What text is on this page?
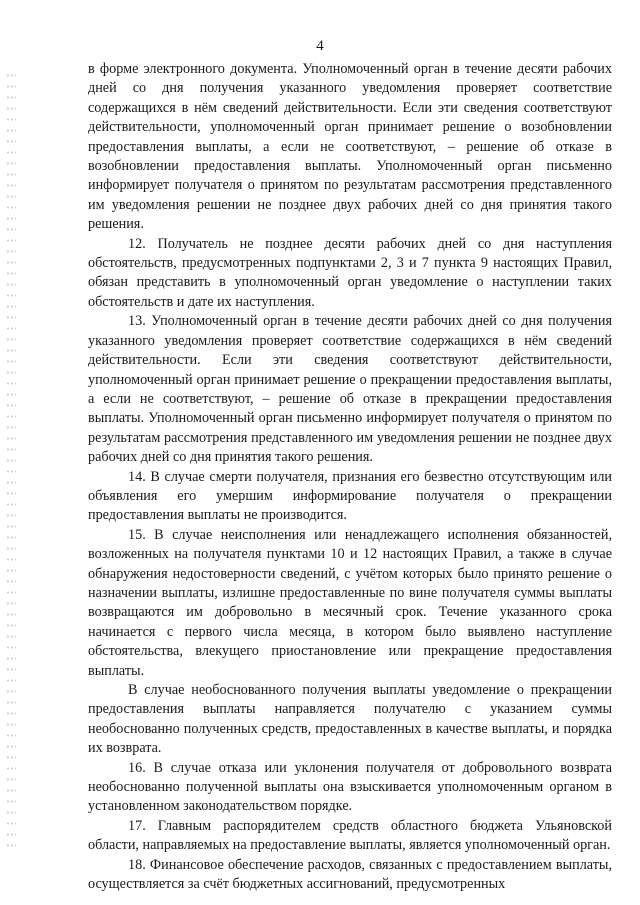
4

в форме электронного документа. Уполномоченный орган в течение десяти рабочих дней со дня получения указанного уведомления проверяет соответствие содержащихся в нём сведений действительности. Если эти сведения соответствуют действительности, уполномоченный орган принимает решение о возобновлении предоставления выплаты, а если не соответствуют, – решение об отказе в возобновлении предоставления выплаты. Уполномоченный орган письменно информирует получателя о принятом по результатам рассмотрения представленного им уведомления решении не позднее двух рабочих дней со дня принятия такого решения.

12. Получатель не позднее десяти рабочих дней со дня наступления обстоятельств, предусмотренных подпунктами 2, 3 и 7 пункта 9 настоящих Правил, обязан представить в уполномоченный орган уведомление о наступлении таких обстоятельств и дате их наступления.

13. Уполномоченный орган в течение десяти рабочих дней со дня получения указанного уведомления проверяет соответствие содержащихся в нём сведений действительности. Если эти сведения соответствуют действительности, уполномоченный орган принимает решение о прекращении предоставления выплаты, а если не соответствуют, – решение об отказе в прекращении предоставления выплаты. Уполномоченный орган письменно информирует получателя о принятом по результатам рассмотрения представленного им уведомления решении не позднее двух рабочих дней со дня принятия такого решения.

14. В случае смерти получателя, признания его безвестно отсутствующим или объявления его умершим информирование получателя о прекращении предоставления выплаты не производится.

15. В случае неисполнения или ненадлежащего исполнения обязанностей, возложенных на получателя пунктами 10 и 12 настоящих Правил, а также в случае обнаружения недостоверности сведений, с учётом которых было принято решение о назначении выплаты, излишне предоставленные по вине получателя суммы выплаты возвращаются им добровольно в месячный срок. Течение указанного срока начинается с первого числа месяца, в котором было выявлено наступление обстоятельства, влекущего приостановление или прекращение предоставления выплаты.

В случае необоснованного получения выплаты уведомление о прекращении предоставления выплаты направляется получателю с указанием суммы необоснованно полученных средств, предоставленных в качестве выплаты, и порядка их возврата.

16. В случае отказа или уклонения получателя от добровольного возврата необоснованно полученной выплаты она взыскивается уполномоченным органом в установленном законодательством порядке.

17. Главным распорядителем средств областного бюджета Ульяновской области, направляемых на предоставление выплаты, является уполномоченный орган.

18. Финансовое обеспечение расходов, связанных с предоставлением выплаты, осуществляется за счёт бюджетных ассигнований, предусмотренных
